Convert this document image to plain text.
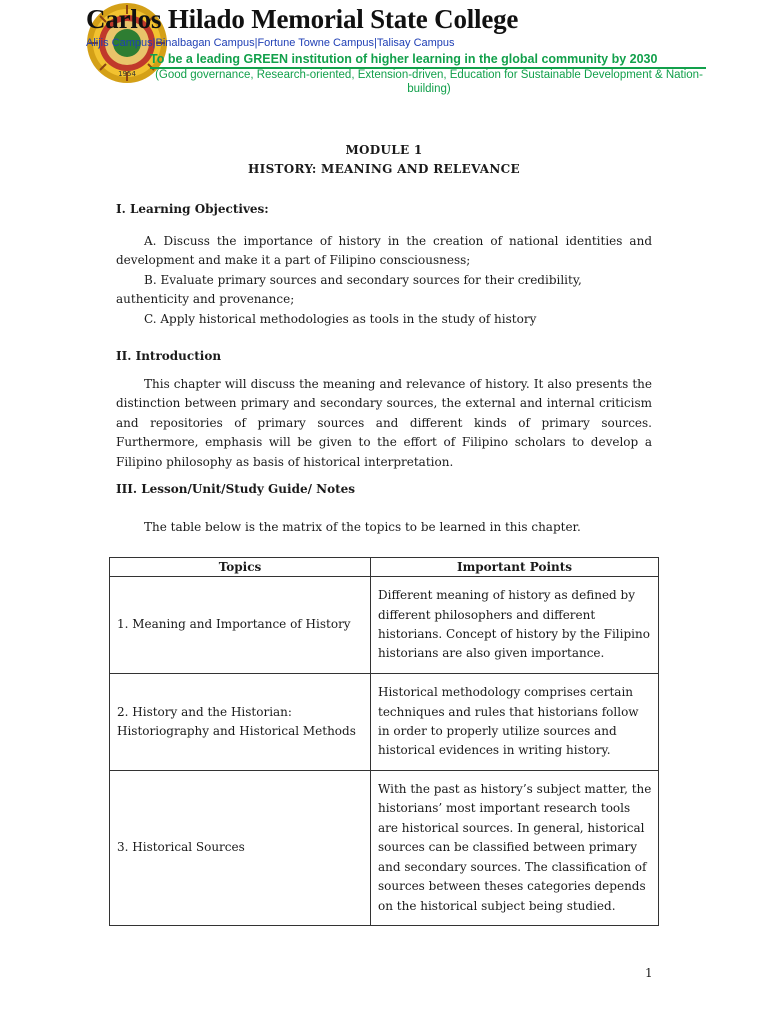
1954
Carlos Hilado Memorial State College
Alijis Campus|Binalbagan Campus|Fortune Towne Campus|Talisay Campus
To be a leading GREEN institution of higher learning in the global community by 2030
(Good governance, Research-oriented, Extension-driven, Education for Sustainable Development & Nation-building)
MODULE 1
HISTORY: MEANING AND RELEVANCE
I. Learning Objectives:
A. Discuss the importance of history in the creation of national identities and development and make it a part of Filipino consciousness;
B. Evaluate primary sources and secondary sources for their credibility, authenticity and provenance;
C. Apply historical methodologies as tools in the study of history
II. Introduction
This chapter will discuss the meaning and relevance of history. It also presents the distinction between primary and secondary sources, the external and internal criticism and repositories of primary sources and different kinds of primary sources. Furthermore, emphasis will be given to the effort of Filipino scholars to develop a Filipino philosophy as basis of historical interpretation.
III. Lesson/Unit/Study Guide/ Notes
The table below is the matrix of the topics to be learned in this chapter.
Topics	Important Points
1. Meaning and Importance of History	Different meaning of history as defined by different philosophers and different historians. Concept of history by the Filipino historians are also given importance.
2. History and the Historian: Historiography and Historical Methods	Historical methodology comprises certain techniques and rules that historians follow in order to properly utilize sources and historical evidences in writing history.
3. Historical Sources	With the past as history’s subject matter, the historians’ most important research tools are historical sources. In general, historical sources can be classified between primary and secondary sources. The classification of sources between theses categories depends on the historical subject being studied.
1
